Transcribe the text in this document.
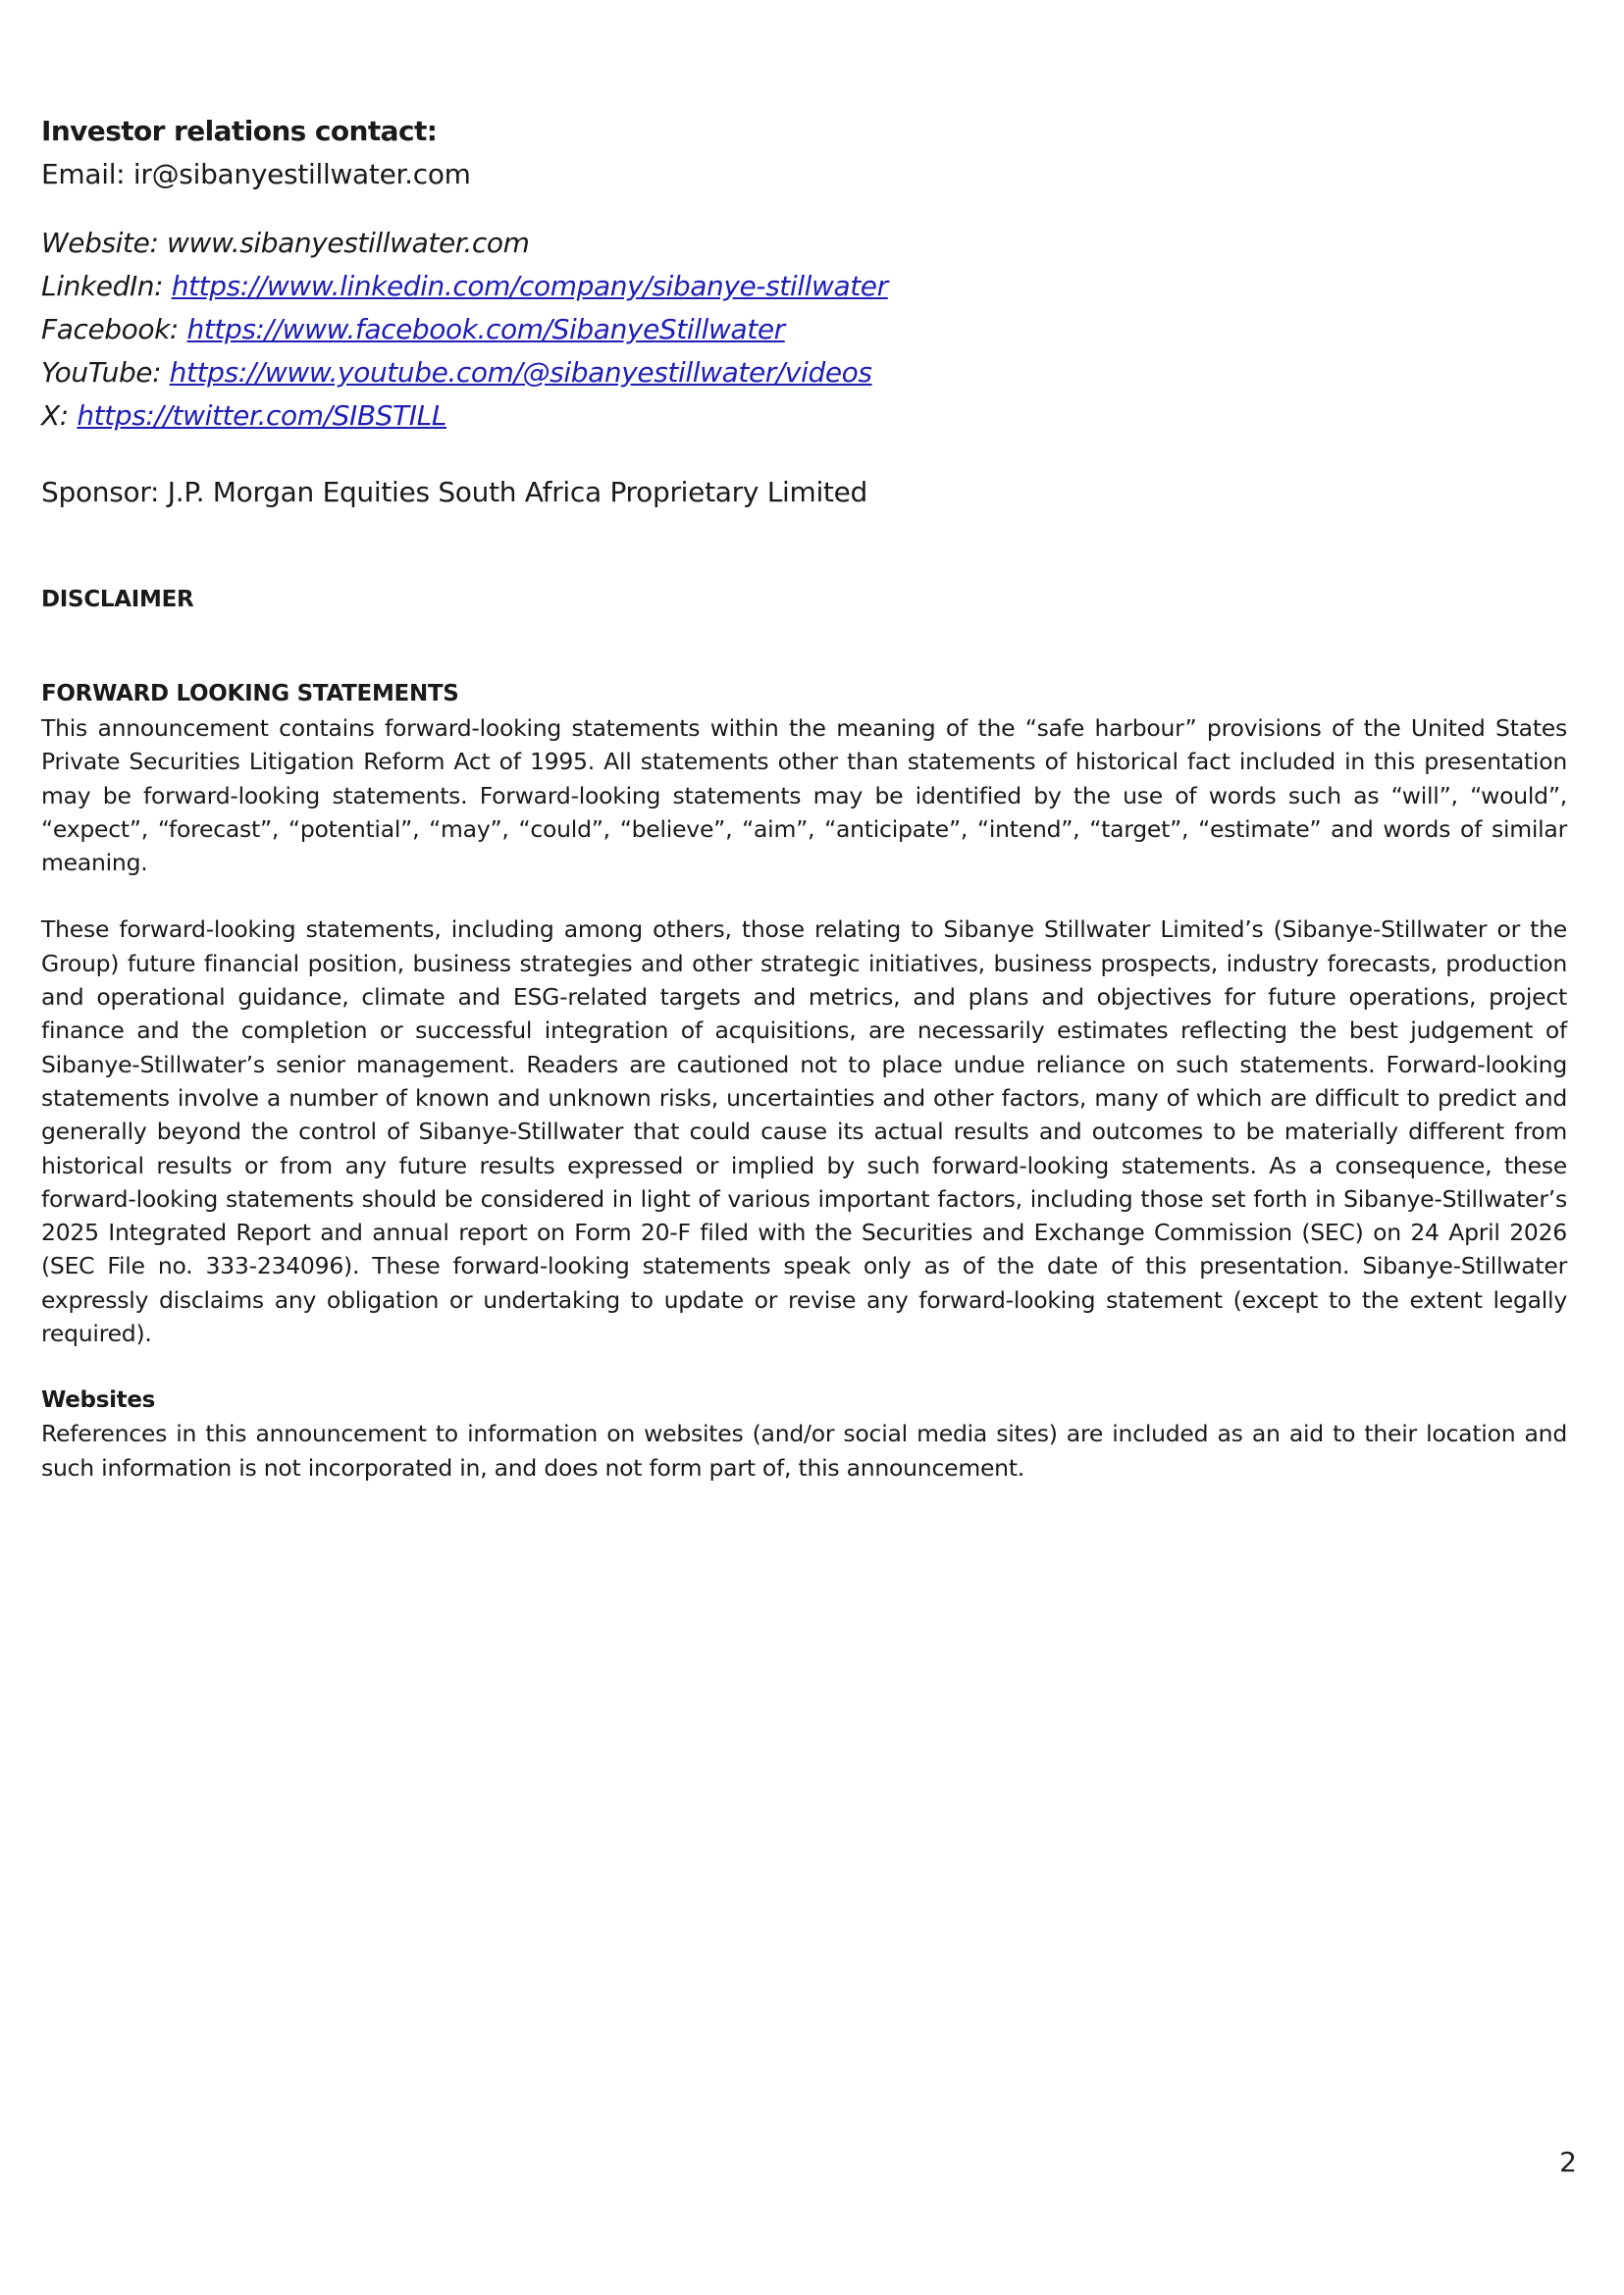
Investor relations contact:
Email: ir@sibanyestillwater.com
Website: www.sibanyestillwater.com
LinkedIn: https://www.linkedin.com/company/sibanye-stillwater
Facebook: https://www.facebook.com/SibanyeStillwater
YouTube: https://www.youtube.com/@sibanyestillwater/videos
X: https://twitter.com/SIBSTILL
Sponsor: J.P. Morgan Equities South Africa Proprietary Limited
DISCLAIMER
FORWARD LOOKING STATEMENTS

This announcement contains forward-looking statements within the meaning of the “safe harbour” provisions of the United States Private Securities Litigation Reform Act of 1995. All statements other than statements of historical fact included in this presentation may be forward-looking statements. Forward-looking statements may be identified by the use of words such as “will”, “would”, “expect”, “forecast”, “potential”, “may”, “could”, “believe”, “aim”, “anticipate”, “intend”, “target”, “estimate” and words of similar meaning.

These forward-looking statements, including among others, those relating to Sibanye Stillwater Limited’s (Sibanye-Stillwater or the Group) future financial position, business strategies and other strategic initiatives, business prospects, industry forecasts, production and operational guidance, climate and ESG-related targets and metrics, and plans and objectives for future operations, project finance and the completion or successful integration of acquisitions, are necessarily estimates reflecting the best judgement of Sibanye-Stillwater’s senior management. Readers are cautioned not to place undue reliance on such statements. Forward-looking statements involve a number of known and unknown risks, uncertainties and other factors, many of which are difficult to predict and generally beyond the control of Sibanye-Stillwater that could cause its actual results and outcomes to be materially different from historical results or from any future results expressed or implied by such forward-looking statements. As a consequence, these forward-looking statements should be considered in light of various important factors, including those set forth in Sibanye-Stillwater’s 2025 Integrated Report and annual report on Form 20-F filed with the Securities and Exchange Commission (SEC) on 24 April 2026 (SEC File no. 333-234096). These forward-looking statements speak only as of the date of this presentation. Sibanye-Stillwater expressly disclaims any obligation or undertaking to update or revise any forward-looking statement (except to the extent legally required).

Websites

References in this announcement to information on websites (and/or social media sites) are included as an aid to their location and such information is not incorporated in, and does not form part of, this announcement.

2
